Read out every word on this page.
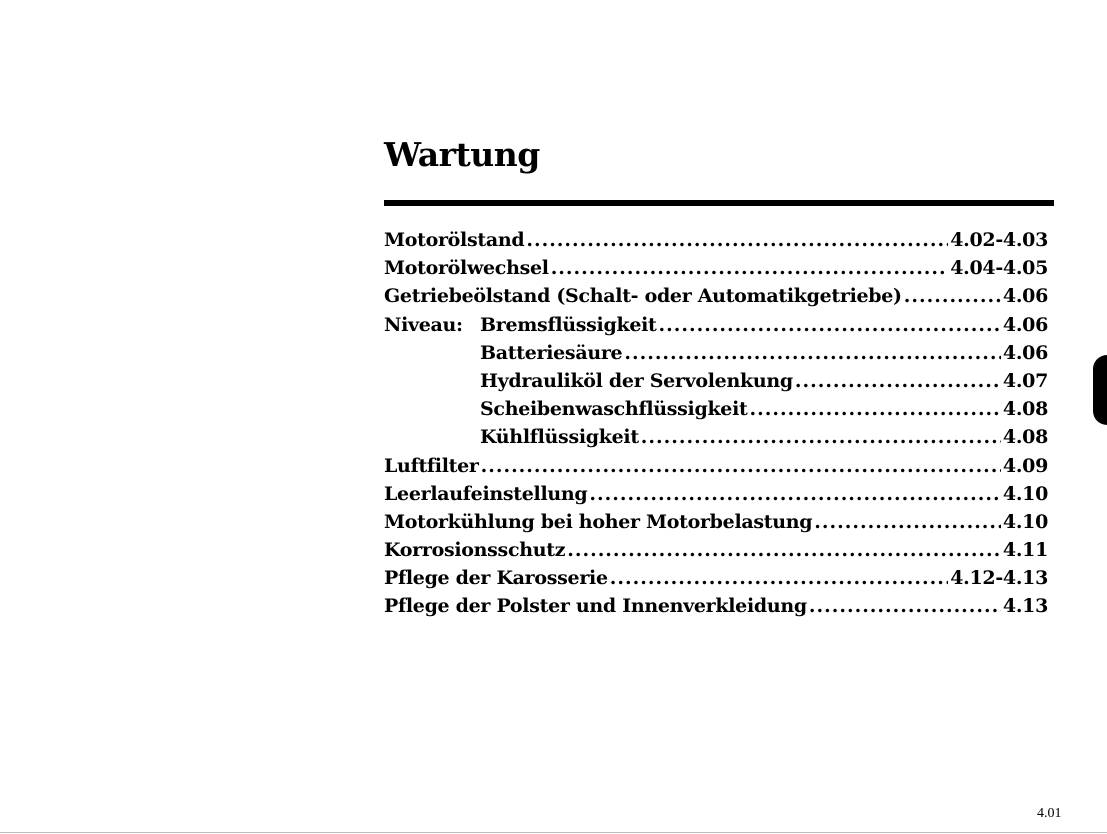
Wartung
Motorölstand .....	4.02-4.03
Motorölwechsel .....	4.04-4.05
Getriebeölstand (Schalt- oder Automatikgetriebe) .....	4.06
Niveau: Bremsflüssigkeit .....	4.06
Batteriesäure .....	4.06
Hydrauliköl der Servolenkung .....	4.07
Scheibenwaschflüssigkeit .....	4.08
Kühlflüssigkeit .....	4.08
Luftfilter .....	4.09
Leerlaufeinstellung .....	4.10
Motorkühlung bei hoher Motorbelastung .....	4.10
Korrosionsschutz .....	4.11
Pflege der Karosserie .....	4.12-4.13
Pflege der Polster und Innenverkleidung .....	4.13
4.01
